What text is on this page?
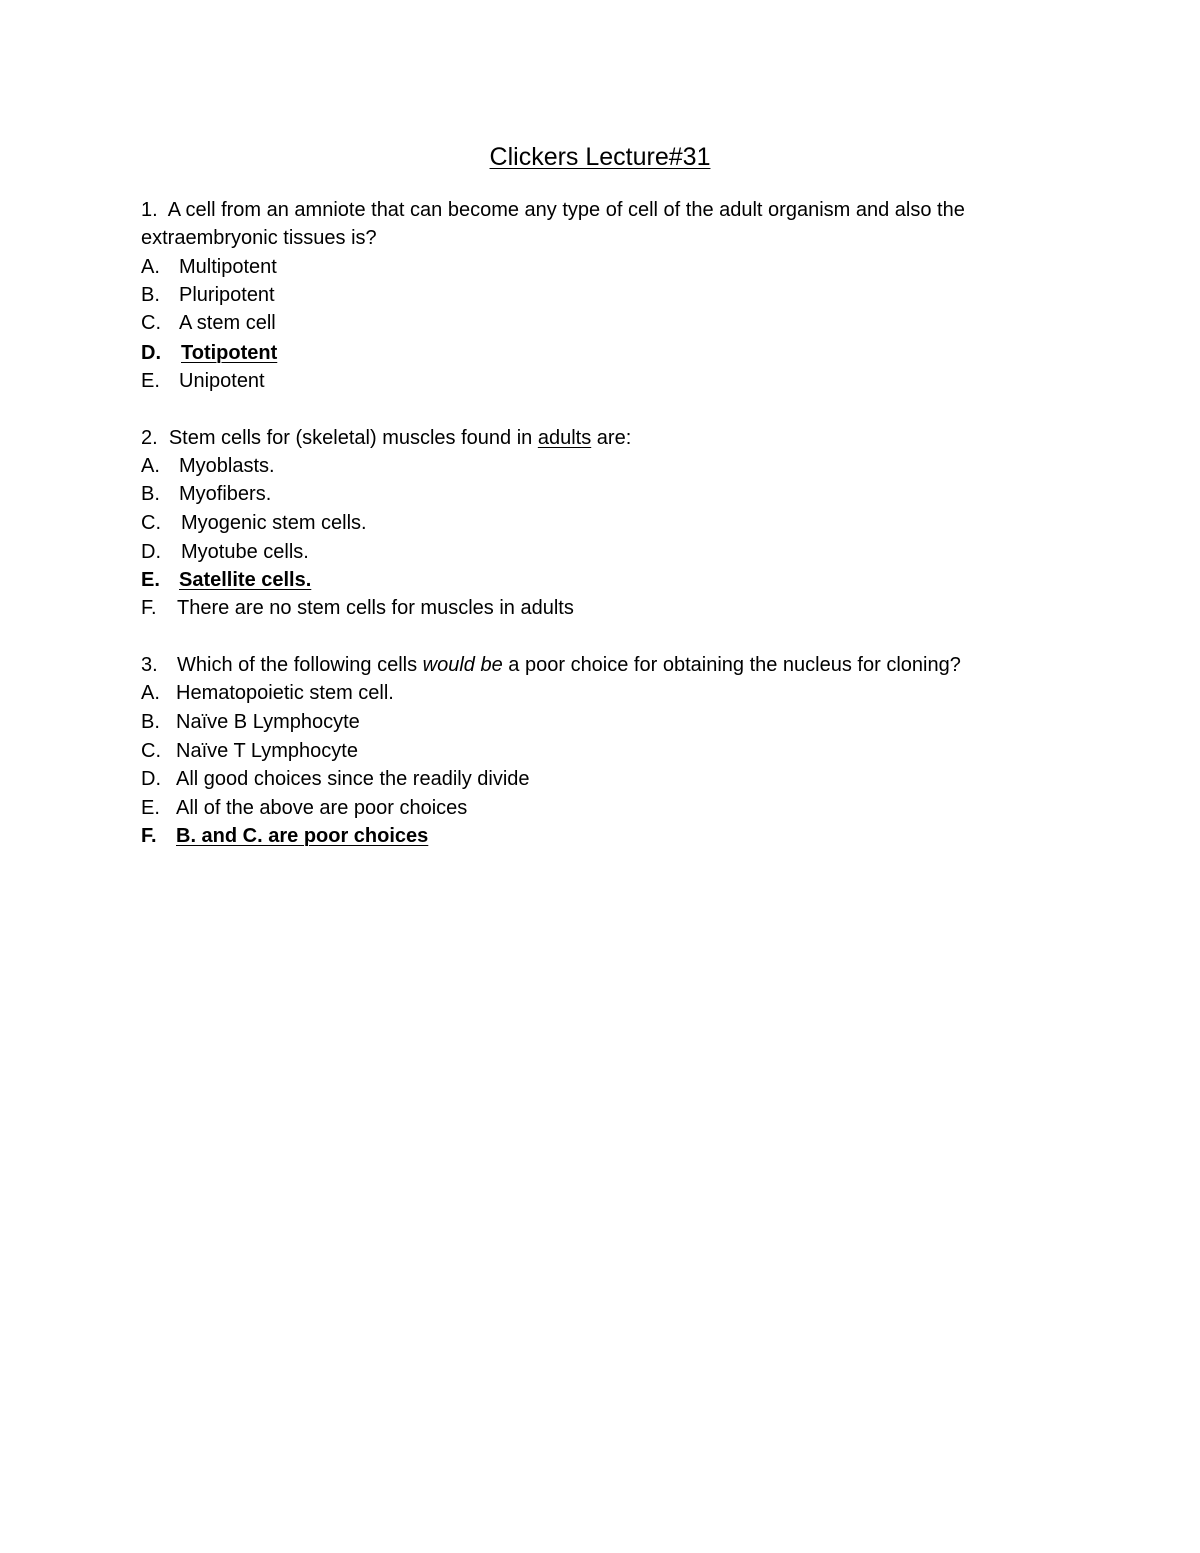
Clickers Lecture#31
1. A cell from an amniote that can become any type of cell of the adult organism and also the
extraembryonic tissues is?
A. Multipotent
B. Pluripotent
C. A stem cell
D. Totipotent
E. Unipotent
2. Stem cells for (skeletal) muscles found in adults are:
A. Myoblasts.
B. Myofibers.
C. Myogenic stem cells.
D. Myotube cells.
E. Satellite cells.
F. There are no stem cells for muscles in adults
3. Which of the following cells would be a poor choice for obtaining the nucleus for cloning?
A. Hematopoietic stem cell.
B. Naïve B Lymphocyte
C. Naïve T Lymphocyte
D. All good choices since the readily divide
E. All of the above are poor choices
F. B. and C. are poor choices
